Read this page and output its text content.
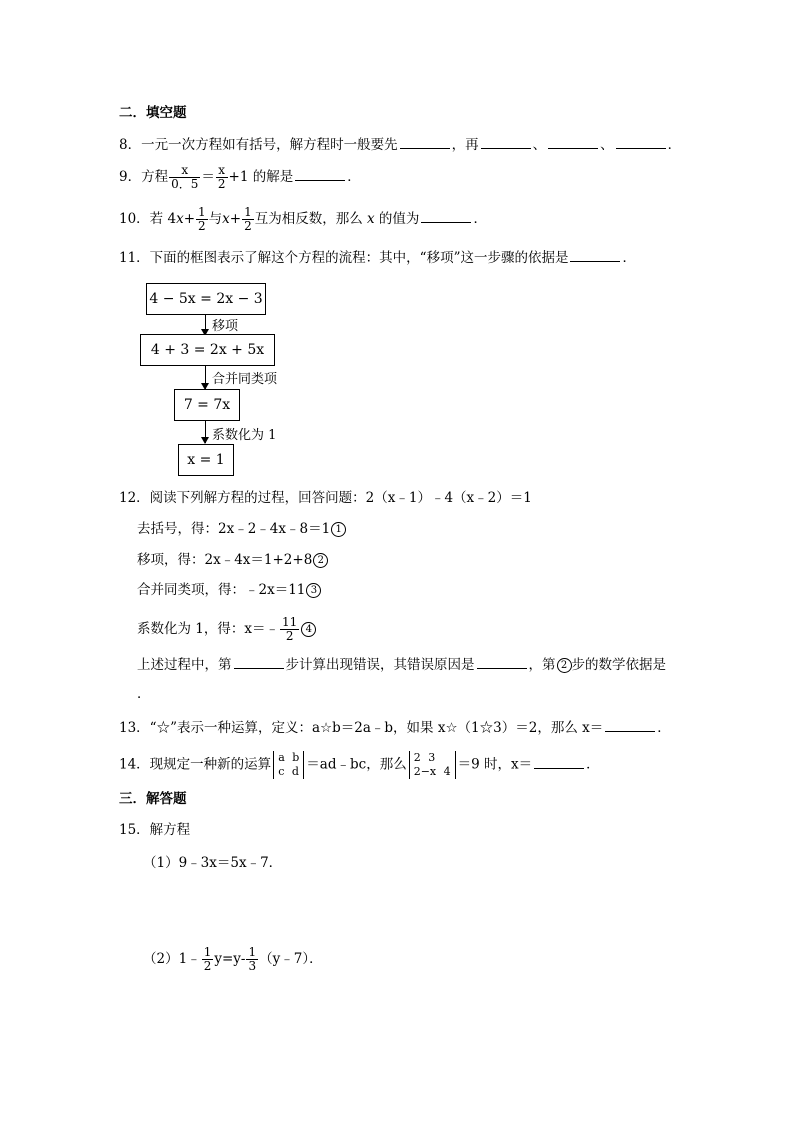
二．填空题
8．一元一次方程如有括号，解方程时一般要先	，再	、	、	．
9．方程 $\frac{x}{0.5} = \frac{x}{2} +1$ 的解是	．
10．若 $4x+ \frac{1}{2}$ 与$x+ \frac{1}{2}$ 互为相反数，那么 x 的值为	．
11．下面的框图表示了解这个方程的流程：其中，“移项”这一步骤的依据是	．
4 − 5x = 2x − 3
移项
4 + 3 = 2x + 5x
合并同类项
7 = 7x
系数化为 1
x = 1
12．阅读下列解方程的过程，回答问题：2（x﹣1）﹣4（x﹣2）＝1
去括号，得：2x﹣2﹣4x﹣8＝1 1
移项，得：2x﹣4x＝1+2+8 2
合并同类项，得：﹣2x＝11 3
系数化为 1，得：x＝﹣ $\frac{11}{2} 4$
上述过程中，第	步计算出现错误，其错误原因是	，第 2 步的数学依据是
．
13．“☆”表示一种运算，定义：a☆b＝2a﹣b，如果 x☆（1☆3）＝2，那么 x＝	．
14．现规定一种新的运算 a b
c d ＝ad﹣bc，那么 2 3
2−x 4 ＝9 时，x＝	．
三．解答题
15．解方程
（1）9﹣3x＝5x﹣7．
（2）1﹣ $\frac{1}{2} y=y- \frac{1}{3}$ （y﹣7）．
